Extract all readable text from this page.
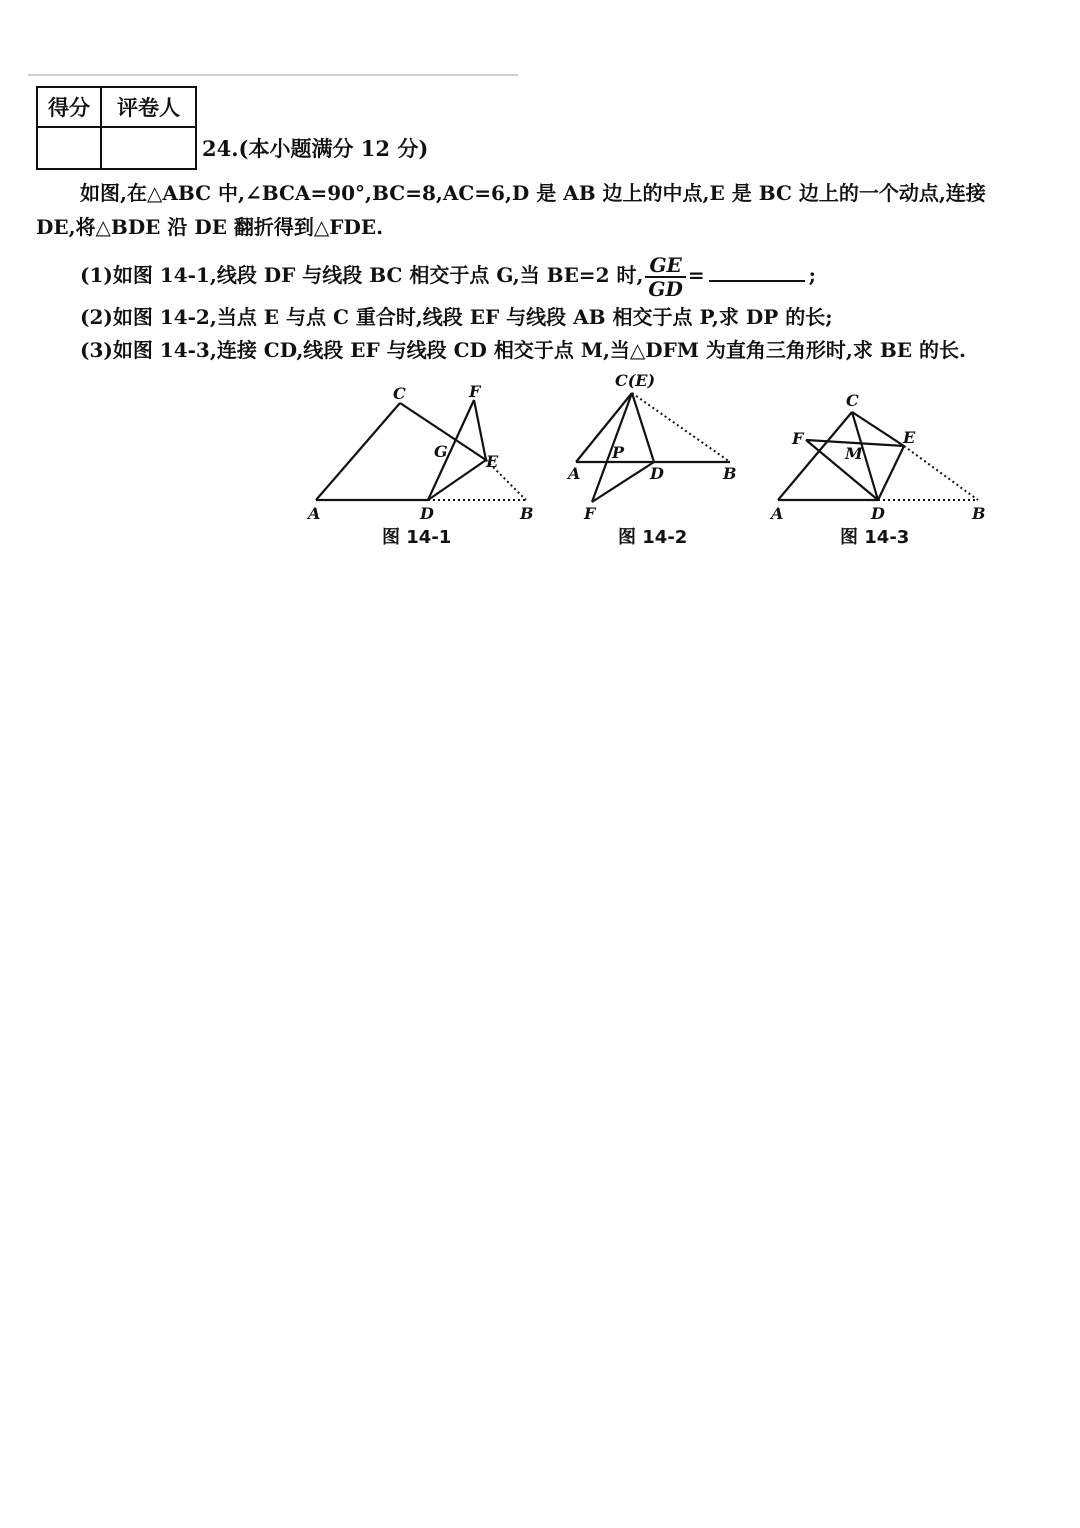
得分	评卷人

24.(本小题满分 12 分)
如图,在△ABC 中,∠BCA=90°,BC=8,AC=6,D 是 AB 边上的中点,E 是 BC 边上的一个动点,连接
DE,将△BDE 沿 DE 翻折得到△FDE.
(1)如图 14-1,线段 DF 与线段 BC 相交于点 G,当 BE=2 时, $\frac{GE}{GD}$ =	;
(2)如图 14-2,当点 E 与点 C 重合时,线段 EF 与线段 AB 相交于点 P,求 DP 的长;
(3)如图 14-3,连接 CD,线段 EF 与线段 CD 相交于点 M,当△DFM 为直角三角形时,求 BE 的长.
A	D	B
C	F
G
E
图 14-1
C(E)
A
P
D	B
F
图 14-2
C
F	E
M
A	D	B
图 14-3
